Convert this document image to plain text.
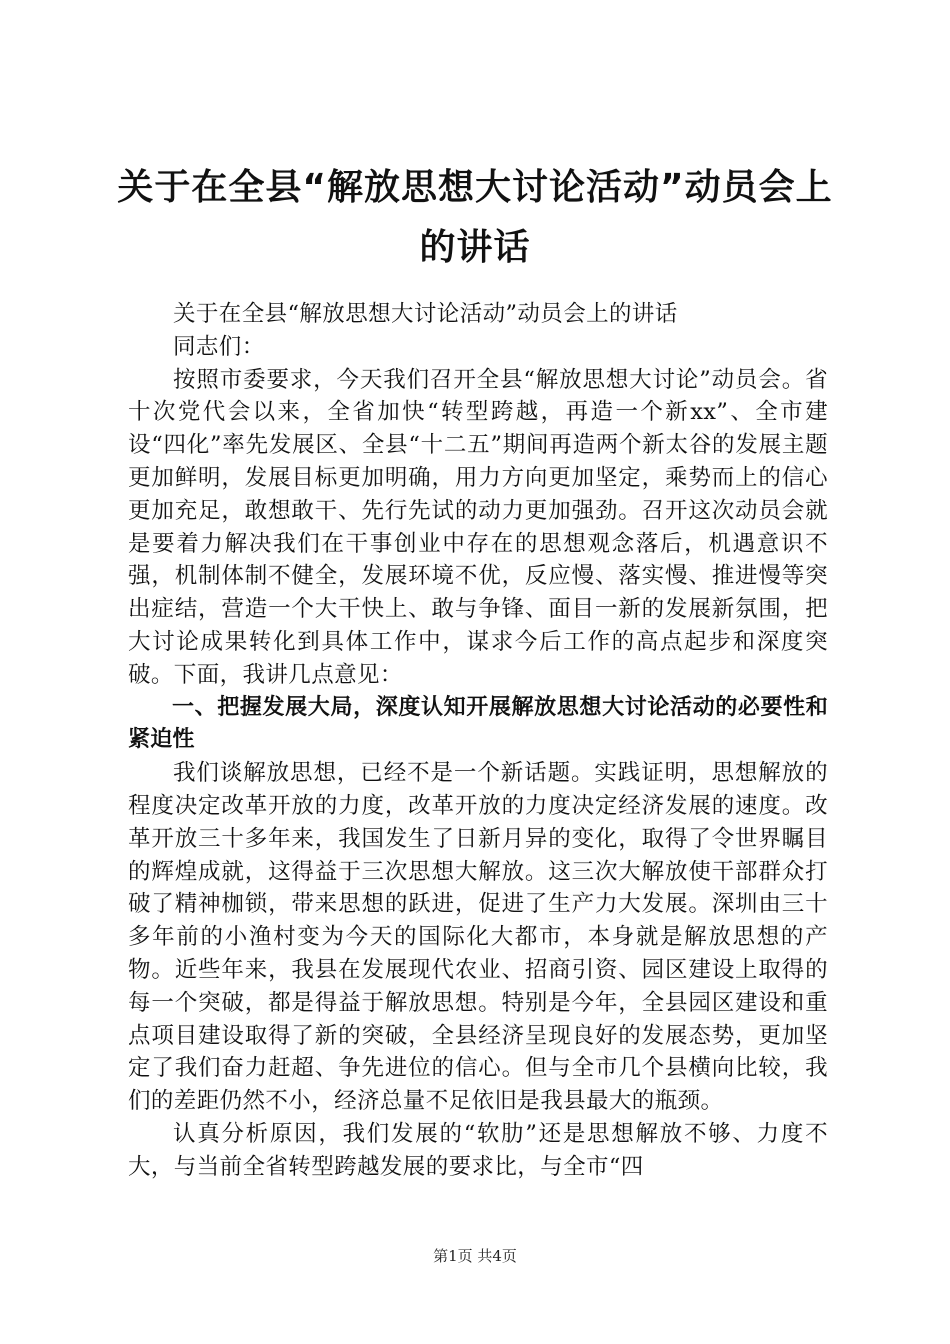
关于在全县“解放思想大讨论活动”动员会上的讲话

关于在全县“解放思想大讨论活动”动员会上的讲话

同志们：

按照市委要求，今天我们召开全县“解放思想大讨论”动员会。省十次党代会以来，全省加快“转型跨越，再造一个新xx”、全市建设“四化”率先发展区、全县“十二五”期间再造两个新太谷的发展主题更加鲜明，发展目标更加明确，用力方向更加坚定，乘势而上的信心更加充足，敢想敢干、先行先试的动力更加强劲。召开这次动员会就是要着力解决我们在干事创业中存在的思想观念落后，机遇意识不强，机制体制不健全，发展环境不优，反应慢、落实慢、推进慢等突出症结，营造一个大干快上、敢与争锋、面目一新的发展新氛围，把大讨论成果转化到具体工作中，谋求今后工作的高点起步和深度突破。下面，我讲几点意见：

一、把握发展大局，深度认知开展解放思想大讨论活动的必要性和紧迫性

我们谈解放思想，已经不是一个新话题。实践证明，思想解放的程度决定改革开放的力度，改革开放的力度决定经济发展的速度。改革开放三十多年来，我国发生了日新月异的变化，取得了令世界瞩目的辉煌成就，这得益于三次思想大解放。这三次大解放使干部群众打破了精神枷锁，带来思想的跃进，促进了生产力大发展。深圳由三十多年前的小渔村变为今天的国际化大都市，本身就是解放思想的产物。近些年来，我县在发展现代农业、招商引资、园区建设上取得的每一个突破，都是得益于解放思想。特别是今年，全县园区建设和重点项目建设取得了新的突破，全县经济呈现良好的发展态势，更加坚定了我们奋力赶超、争先进位的信心。但与全市几个县横向比较，我们的差距仍然不小，经济总量不足依旧是我县最大的瓶颈。

认真分析原因，我们发展的“软肋”还是思想解放不够、力度不大，与当前全省转型跨越发展的要求比，与全市“四

第1页 共4页
